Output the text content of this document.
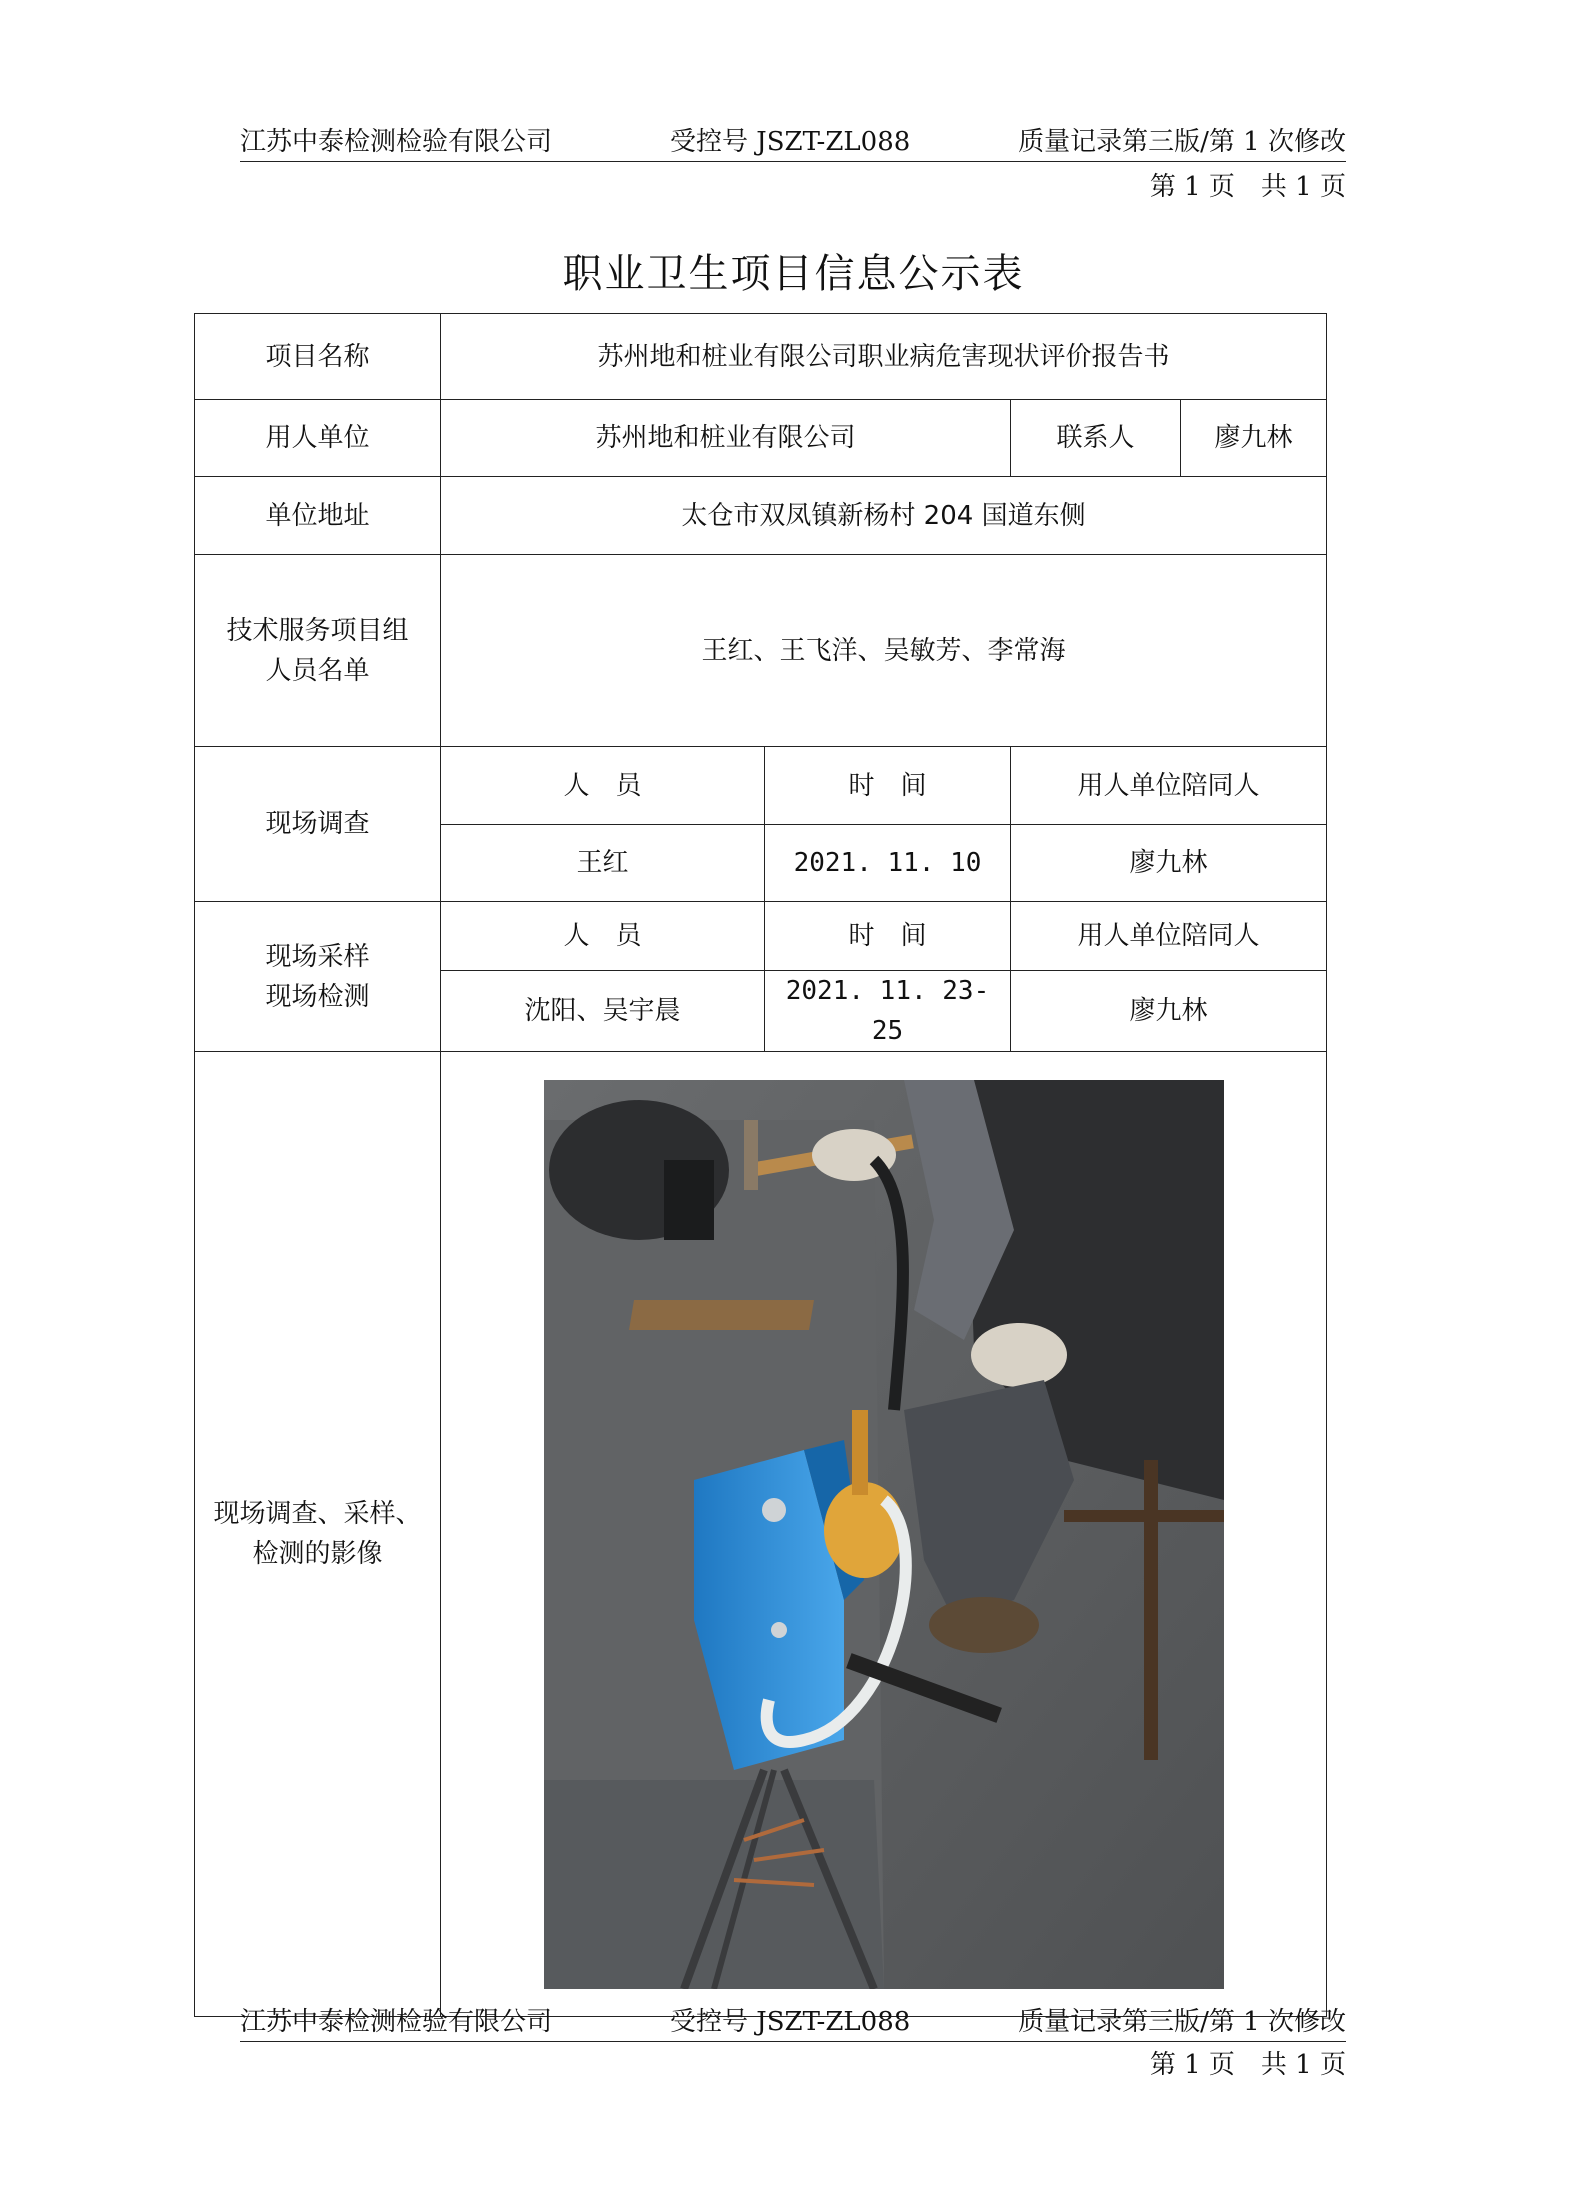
江苏中泰检测检验有限公司	受控号 JSZT-ZL088	质量记录第三版/第 1 次修改
第 1 页　共 1 页
职业卫生项目信息公示表
项目名称	苏州地和桩业有限公司职业病危害现状评价报告书			
用人单位	苏州地和桩业有限公司		联系人	廖九林
单位地址	太仓市双凤镇新杨村 204 国道东侧			

技术服务项目组
人员名单	王红、王飞洋、吴敏芳、李常海			
现场调查	人　员	时　间	用人单位陪同人	
	王红	2021. 11. 10	廖九林	

现场采样
现场检测	人　员	时　间	用人单位陪同人	
	沈阳、吴宇晨	2021. 11. 23-25	廖九林	

现场调查、采样、
检测的影像

江苏中泰检测检验有限公司	受控号 JSZT-ZL088	质量记录第三版/第 1 次修改
第 1 页　共 1 页
